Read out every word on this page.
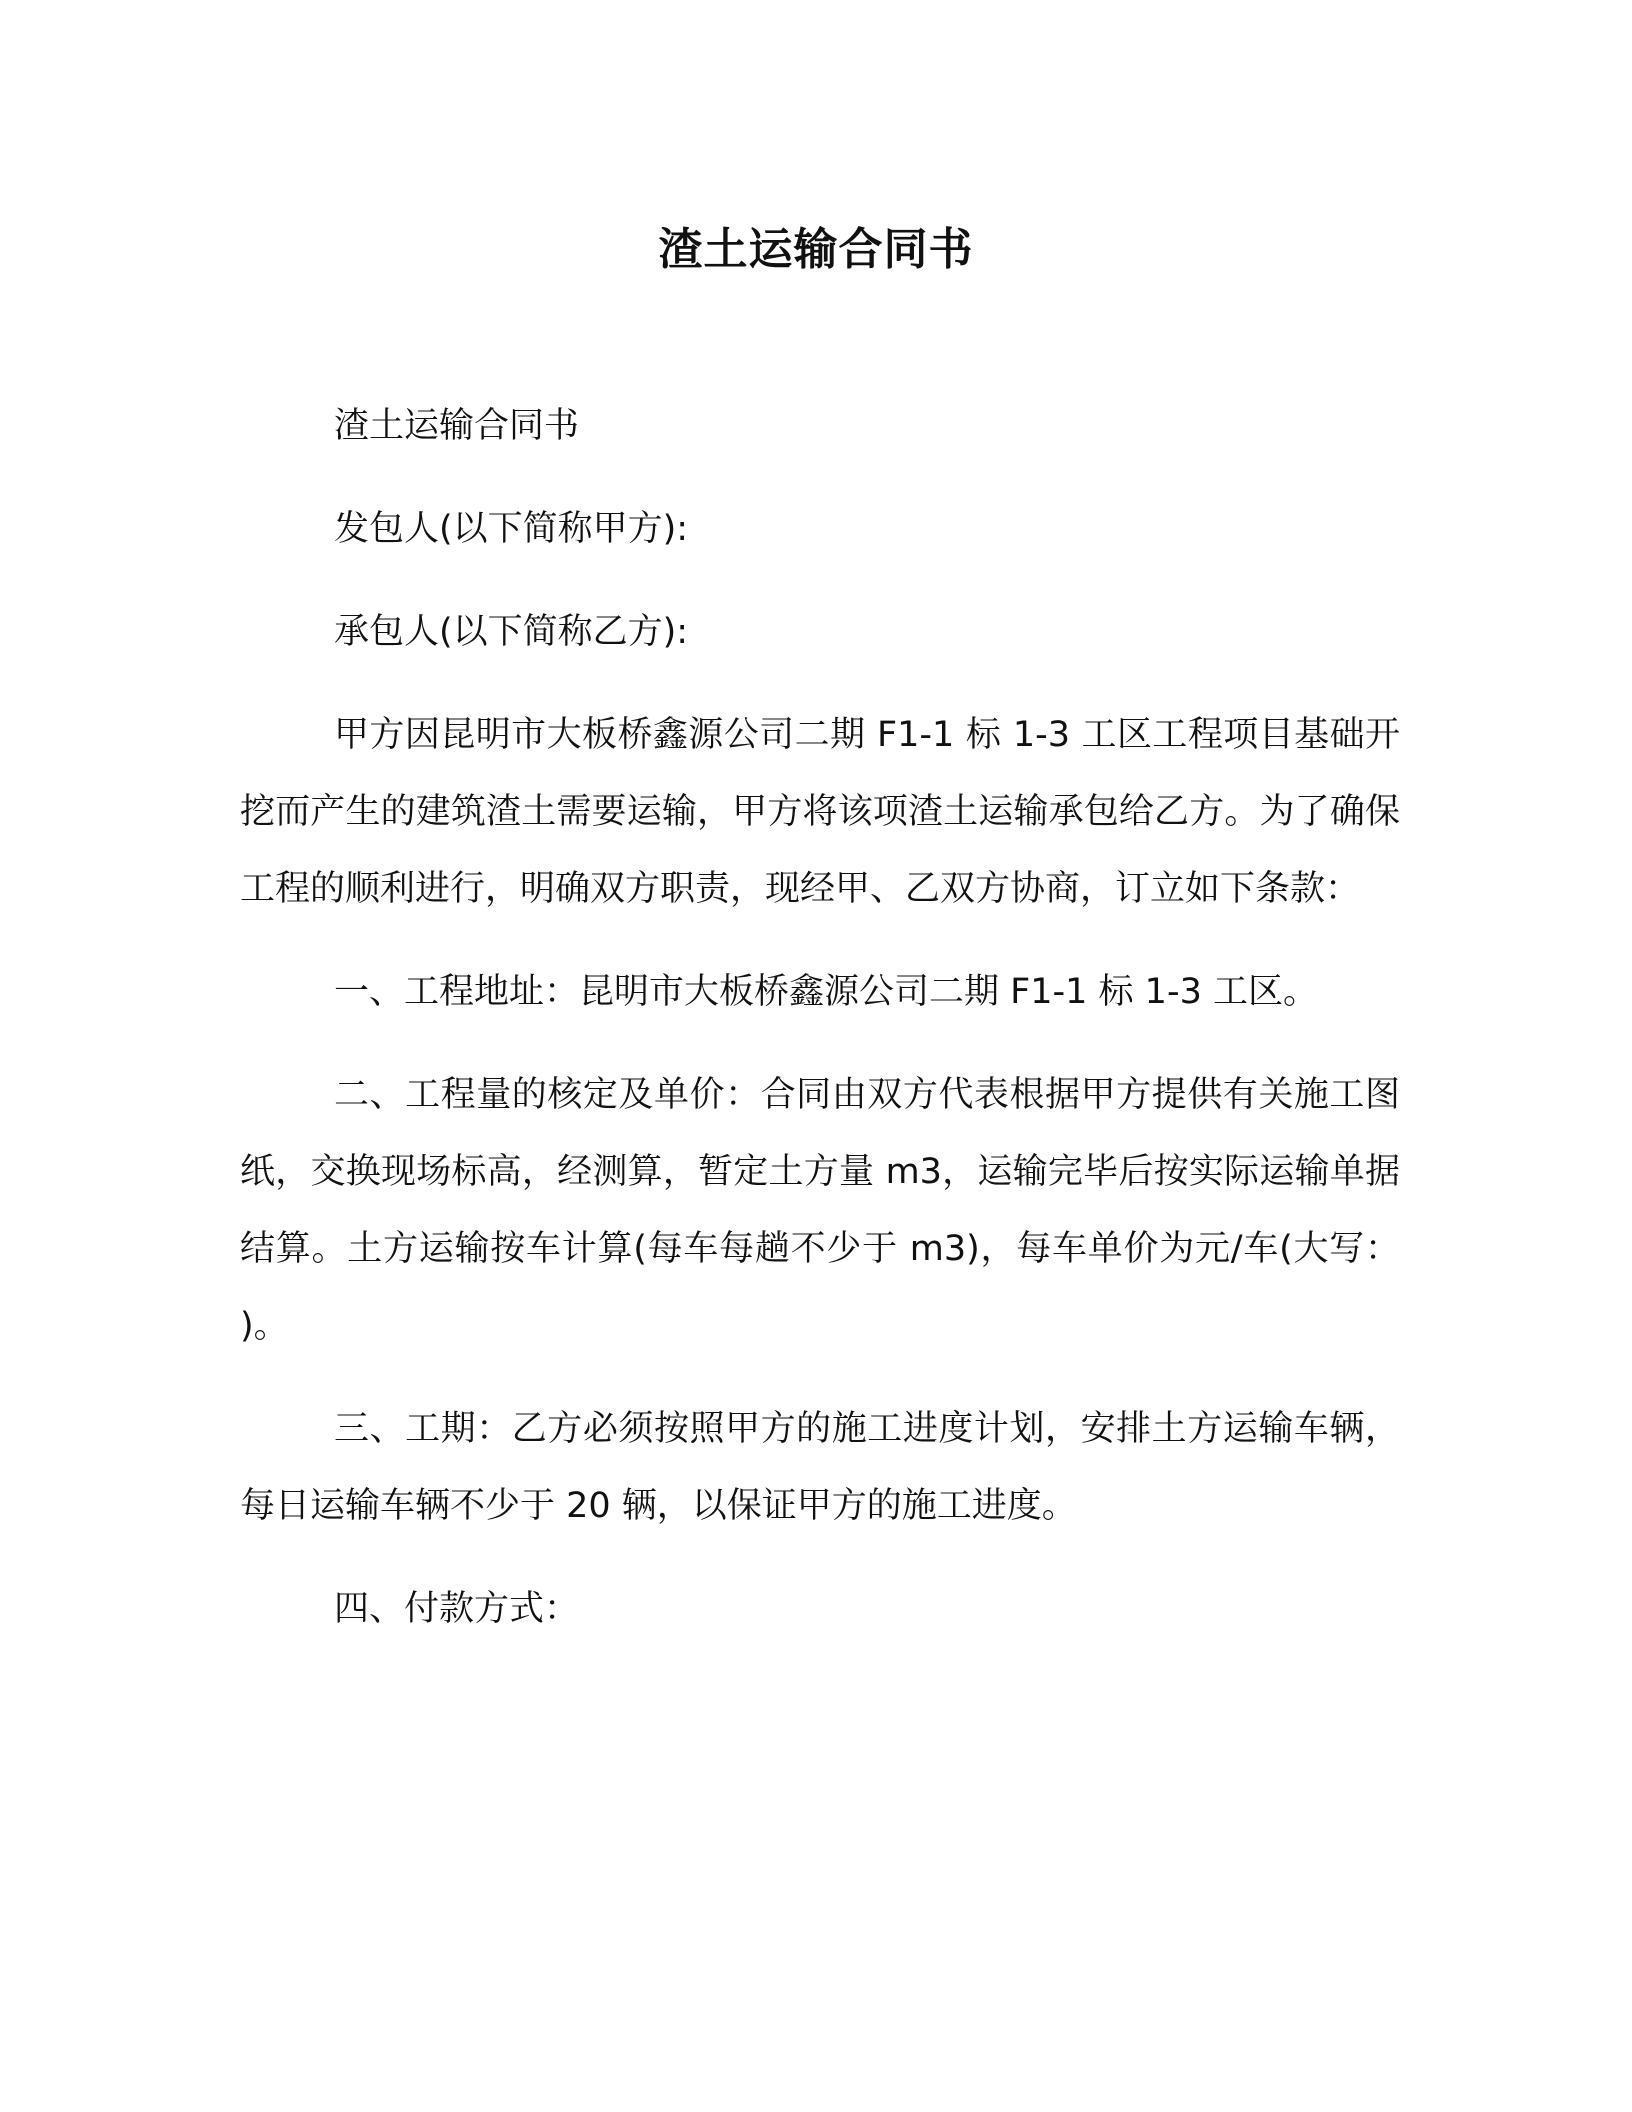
渣土运输合同书

渣土运输合同书

发包人(以下简称甲方):

承包人(以下简称乙方):

甲方因昆明市大板桥鑫源公司二期 F1-1 标 1-3 工区工程项目基础开挖而产生的建筑渣土需要运输，甲方将该项渣土运输承包给乙方。为了确保工程的顺利进行，明确双方职责，现经甲、乙双方协商，订立如下条款：

一、工程地址：昆明市大板桥鑫源公司二期 F1-1 标 1-3 工区。

二、工程量的核定及单价：合同由双方代表根据甲方提供有关施工图纸，交换现场标高，经测算，暂定土方量 m3，运输完毕后按实际运输单据结算。土方运输按车计算(每车每趟不少于 m3)，每车单价为元/车(大写： )。

三、工期：乙方必须按照甲方的施工进度计划，安排土方运输车辆，每日运输车辆不少于 20 辆，以保证甲方的施工进度。

四、付款方式：
